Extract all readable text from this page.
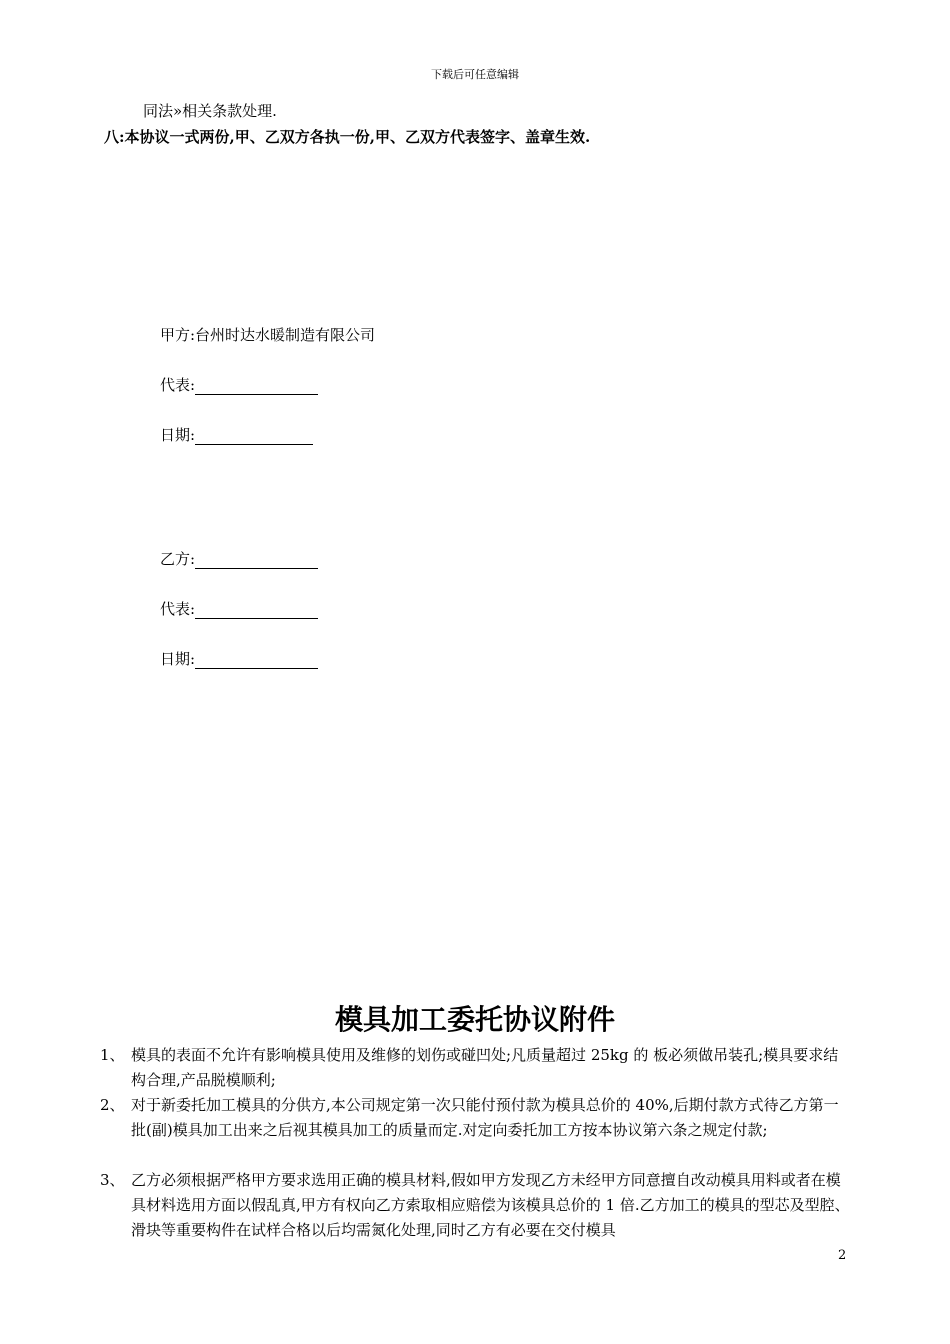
下载后可任意编辑
同法»相关条款处理.
八:本协议一式两份,甲、乙双方各执一份,甲、乙双方代表签字、盖章生效.
甲方:台州时达水暖制造有限公司
代表:
日期:
乙方:
代表:
日期:
模具加工委托协议附件
1、 模具的表面不允许有影响模具使用及维修的划伤或碰凹处;凡质量超过 25kg 的 板必须做吊装孔;模具要求结构合理,产品脱模顺利;
2、 对于新委托加工模具的分供方,本公司规定第一次只能付预付款为模具总价的 40%,后期付款方式待乙方第一批(副)模具加工出来之后视其模具加工的质量而定.对定向委托加工方按本协议第六条之规定付款;
3、 乙方必须根据严格甲方要求选用正确的模具材料,假如甲方发现乙方未经甲方同意擅自改动模具用料或者在模具材料选用方面以假乱真,甲方有权向乙方索取相应赔偿为该模具总价的 1 倍.乙方加工的模具的型芯及型腔、滑块等重要构件在试样合格以后均需氮化处理,同时乙方有必要在交付模具
2
